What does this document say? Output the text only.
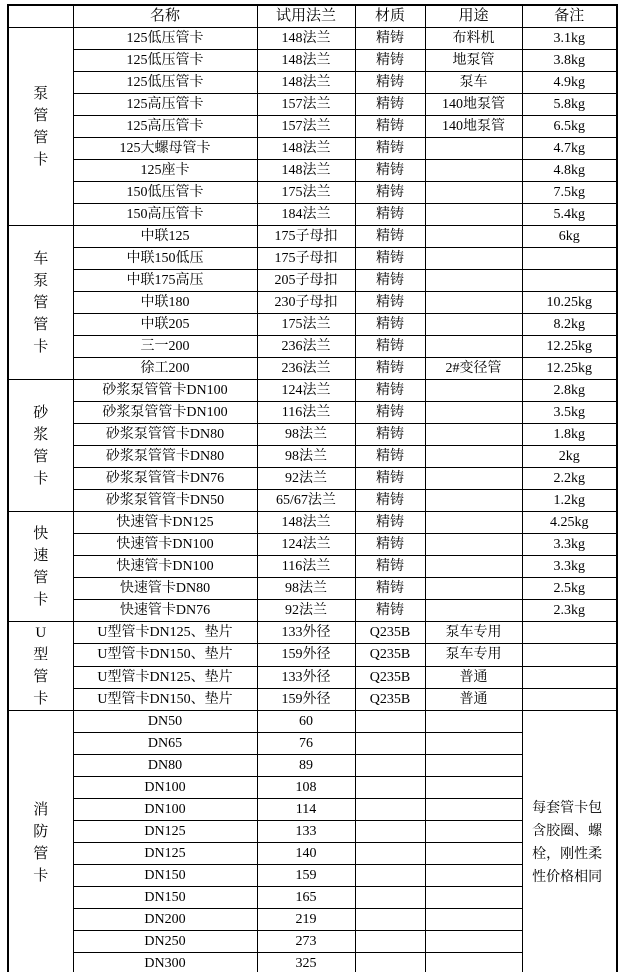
	名称	试用法兰	材质	用途	备注
泵管管卡	125低压管卡	148法兰	精铸	布料机	3.1kg
	125低压管卡	148法兰	精铸	地泵管	3.8kg
	125低压管卡	148法兰	精铸	泵车	4.9kg
	125高压管卡	157法兰	精铸	140地泵管	5.8kg
	125高压管卡	157法兰	精铸	140地泵管	6.5kg
	125大螺母管卡	148法兰	精铸		4.7kg
	125座卡	148法兰	精铸		4.8kg
	150低压管卡	175法兰	精铸		7.5kg
	150高压管卡	184法兰	精铸		5.4kg
车泵管管卡	中联125	175子母扣	精铸		6kg
	中联150低压	175子母扣	精铸		
	中联175高压	205子母扣	精铸		
	中联180	230子母扣	精铸		10.25kg
	中联205	175法兰	精铸		8.2kg
	三一200	236法兰	精铸		12.25kg
	徐工200	236法兰	精铸	2#变径管	12.25kg
砂浆管卡	砂浆泵管管卡DN100	124法兰	精铸		2.8kg
	砂浆泵管管卡DN100	116法兰	精铸		3.5kg
	砂浆泵管管卡DN80	98法兰	精铸		1.8kg
	砂浆泵管管卡DN80	98法兰	精铸		2kg
	砂浆泵管管卡DN76	92法兰	精铸		2.2kg
	砂浆泵管管卡DN50	65/67法兰	精铸		1.2kg
快速管卡	快速管卡DN125	148法兰	精铸		4.25kg
	快速管卡DN100	124法兰	精铸		3.3kg
	快速管卡DN100	116法兰	精铸		3.3kg
	快速管卡DN80	98法兰	精铸		2.5kg
	快速管卡DN76	92法兰	精铸		2.3kg
U型管卡	U型管卡DN125、垫片	133外径	Q235B	泵车专用	
	U型管卡DN150、垫片	159外径	Q235B	泵车专用	
	U型管卡DN125、垫片	133外径	Q235B	普通	
	U型管卡DN150、垫片	159外径	Q235B	普通	
消防管卡	DN50	60			每套管卡包含胶圈、螺栓，刚性柔性价格相同
	DN65	76			
	DN80	89			
	DN100	108			
	DN100	114			
	DN125	133			
	DN125	140			
	DN150	159			
	DN150	165			
	DN200	219			
	DN250	273			
	DN300	325			
